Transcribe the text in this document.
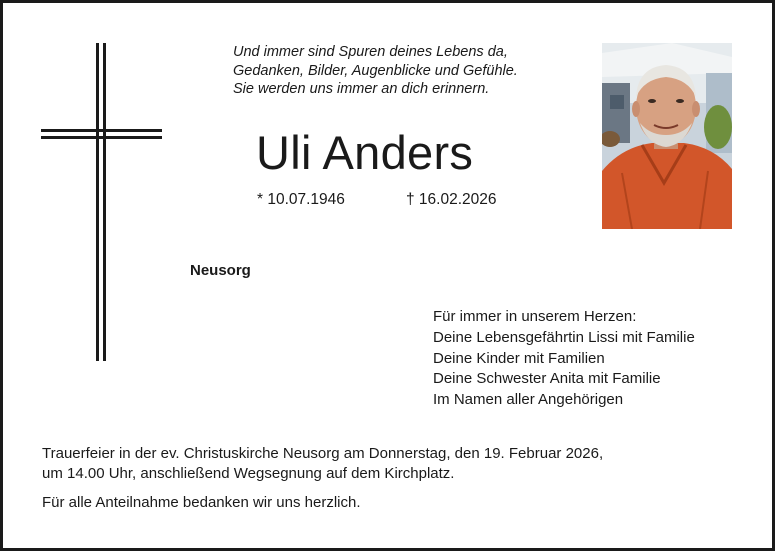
Und immer sind Spuren deines Lebens da,
Gedanken, Bilder, Augenblicke und Gefühle.
Sie werden uns immer an dich erinnern.
Uli Anders
* 10.07.1946	† 16.02.2026
Neusorg
Für immer in unserem Herzen:
Deine Lebensgefährtin Lissi mit Familie
Deine Kinder mit Familien
Deine Schwester Anita mit Familie
Im Namen aller Angehörigen
Trauerfeier in der ev. Christuskirche Neusorg am Donnerstag, den 19. Februar 2026,
um 14.00 Uhr, anschließend Wegsegnung auf dem Kirchplatz.
Für alle Anteilnahme bedanken wir uns herzlich.
